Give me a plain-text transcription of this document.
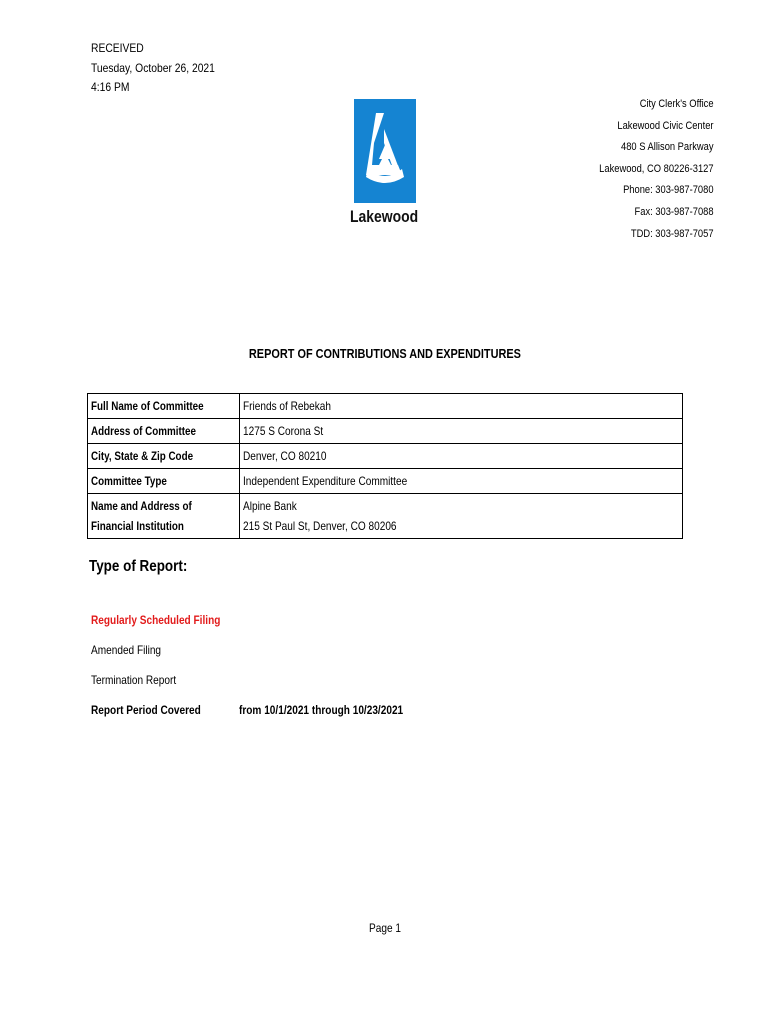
RECEIVED
Tuesday, October 26, 2021
4:16 PM
Lakewood
City Clerk's Office
Lakewood Civic Center
480 S Allison Parkway
Lakewood, CO 80226-3127
Phone: 303-987-7080
Fax: 303-987-7088
TDD: 303-987-7057
REPORT OF CONTRIBUTIONS AND EXPENDITURES
Full Name of Committee	Friends of Rebekah
Address of Committee	1275 S Corona St
City, State & Zip Code	Denver, CO 80210
Committee Type	Independent Expenditure Committee
Name and Address of
Financial Institution	Alpine Bank
215 St Paul St, Denver, CO 80206
Type of Report:
Regularly Scheduled Filing
Amended Filing
Termination Report
Report Period Covered	from 10/1/2021 through 10/23/2021
Page 1
